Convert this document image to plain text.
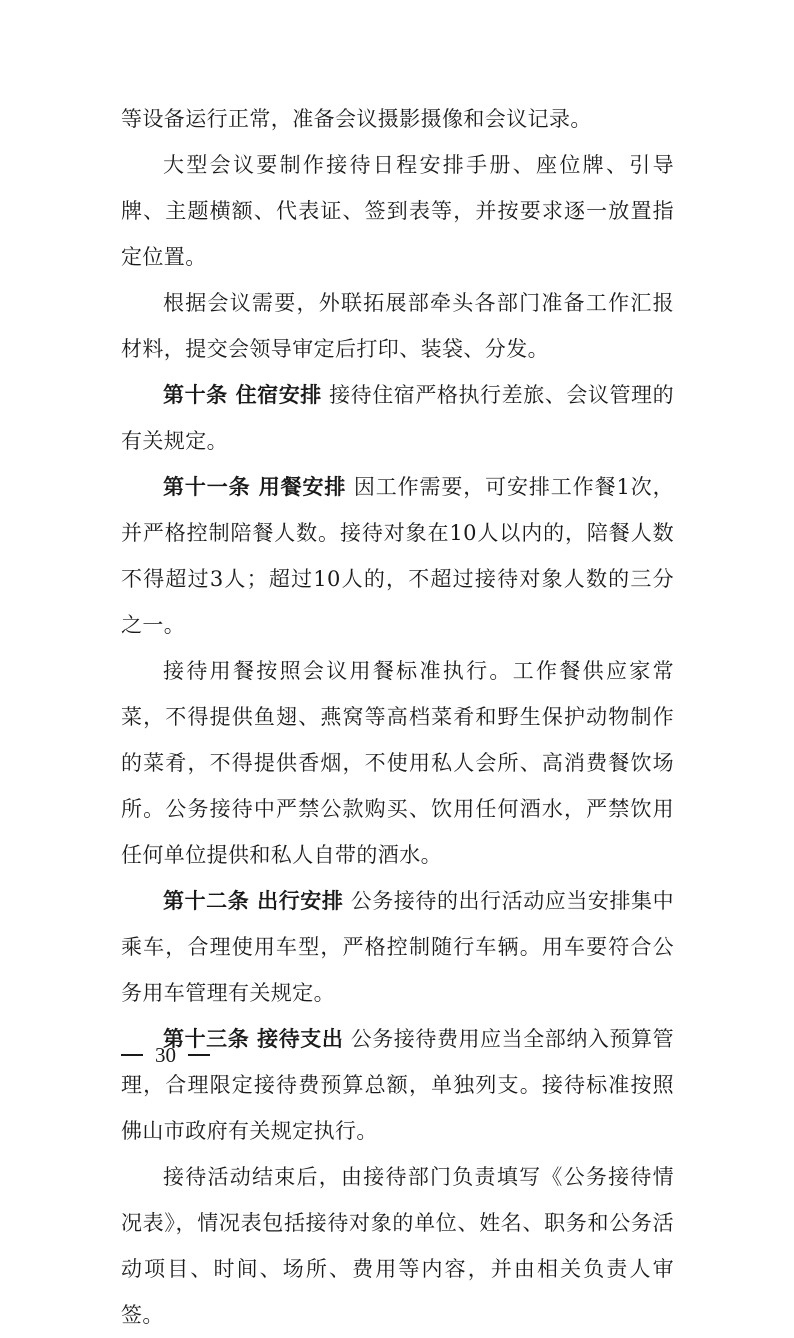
等设备运行正常，准备会议摄影摄像和会议记录。

大型会议要制作接待日程安排手册、座位牌、引导牌、主题横额、代表证、签到表等，并按要求逐一放置指定位置。

根据会议需要，外联拓展部牵头各部门准备工作汇报材料，提交会领导审定后打印、装袋、分发。

第十条 住宿安排 接待住宿严格执行差旅、会议管理的有关规定。

第十一条 用餐安排 因工作需要，可安排工作餐1次，并严格控制陪餐人数。接待对象在10人以内的，陪餐人数不得超过3人；超过10人的，不超过接待对象人数的三分之一。

接待用餐按照会议用餐标准执行。工作餐供应家常菜，不得提供鱼翅、燕窝等高档菜肴和野生保护动物制作的菜肴，不得提供香烟，不使用私人会所、高消费餐饮场所。公务接待中严禁公款购买、饮用任何酒水，严禁饮用任何单位提供和私人自带的酒水。

第十二条 出行安排 公务接待的出行活动应当安排集中乘车，合理使用车型，严格控制随行车辆。用车要符合公务用车管理有关规定。

第十三条 接待支出 公务接待费用应当全部纳入预算管理，合理限定接待费预算总额，单独列支。接待标准按照佛山市政府有关规定执行。

接待活动结束后，由接待部门负责填写《公务接待情况表》，情况表包括接待对象的单位、姓名、职务和公务活动项目、时间、场所、费用等内容，并由相关负责人审签。

30
